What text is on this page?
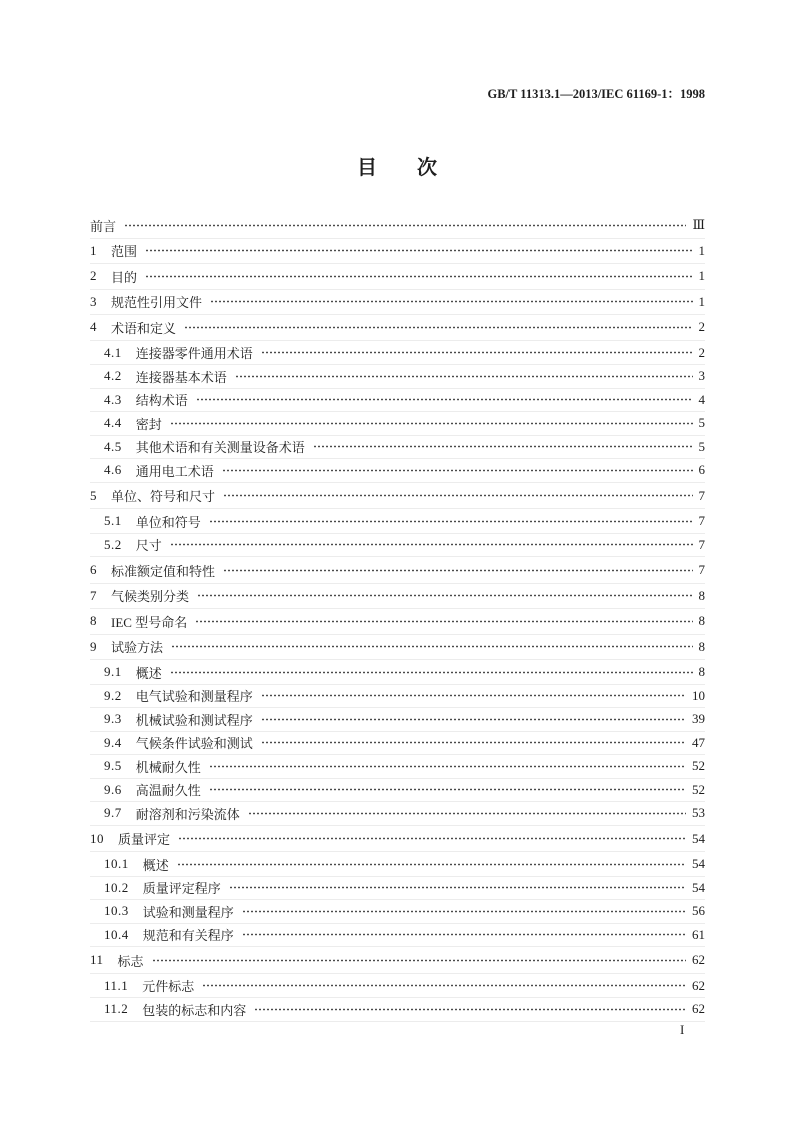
GB/T 11313.1—2013/IEC 61169-1：1998
目　　次
前言	Ⅲ
1 范围	1
2 目的	1
3 规范性引用文件	1
4 术语和定义	2
4.1 连接器零件通用术语	2
4.2 连接器基本术语	3
4.3 结构术语	4
4.4 密封	5
4.5 其他术语和有关测量设备术语	5
4.6 通用电工术语	6
5 单位、符号和尺寸	7
5.1 单位和符号	7
5.2 尺寸	7
6 标准额定值和特性	7
7 气候类别分类	8
8 IEC 型号命名	8
9 试验方法	8
9.1 概述	8
9.2 电气试验和测量程序	10
9.3 机械试验和测试程序	39
9.4 气候条件试验和测试	47
9.5 机械耐久性	52
9.6 高温耐久性	52
9.7 耐溶剂和污染流体	53
10 质量评定	54
10.1 概述	54
10.2 质量评定程序	54
10.3 试验和测量程序	56
10.4 规范和有关程序	61
11 标志	62
11.1 元件标志	62
11.2 包装的标志和内容	62
I
